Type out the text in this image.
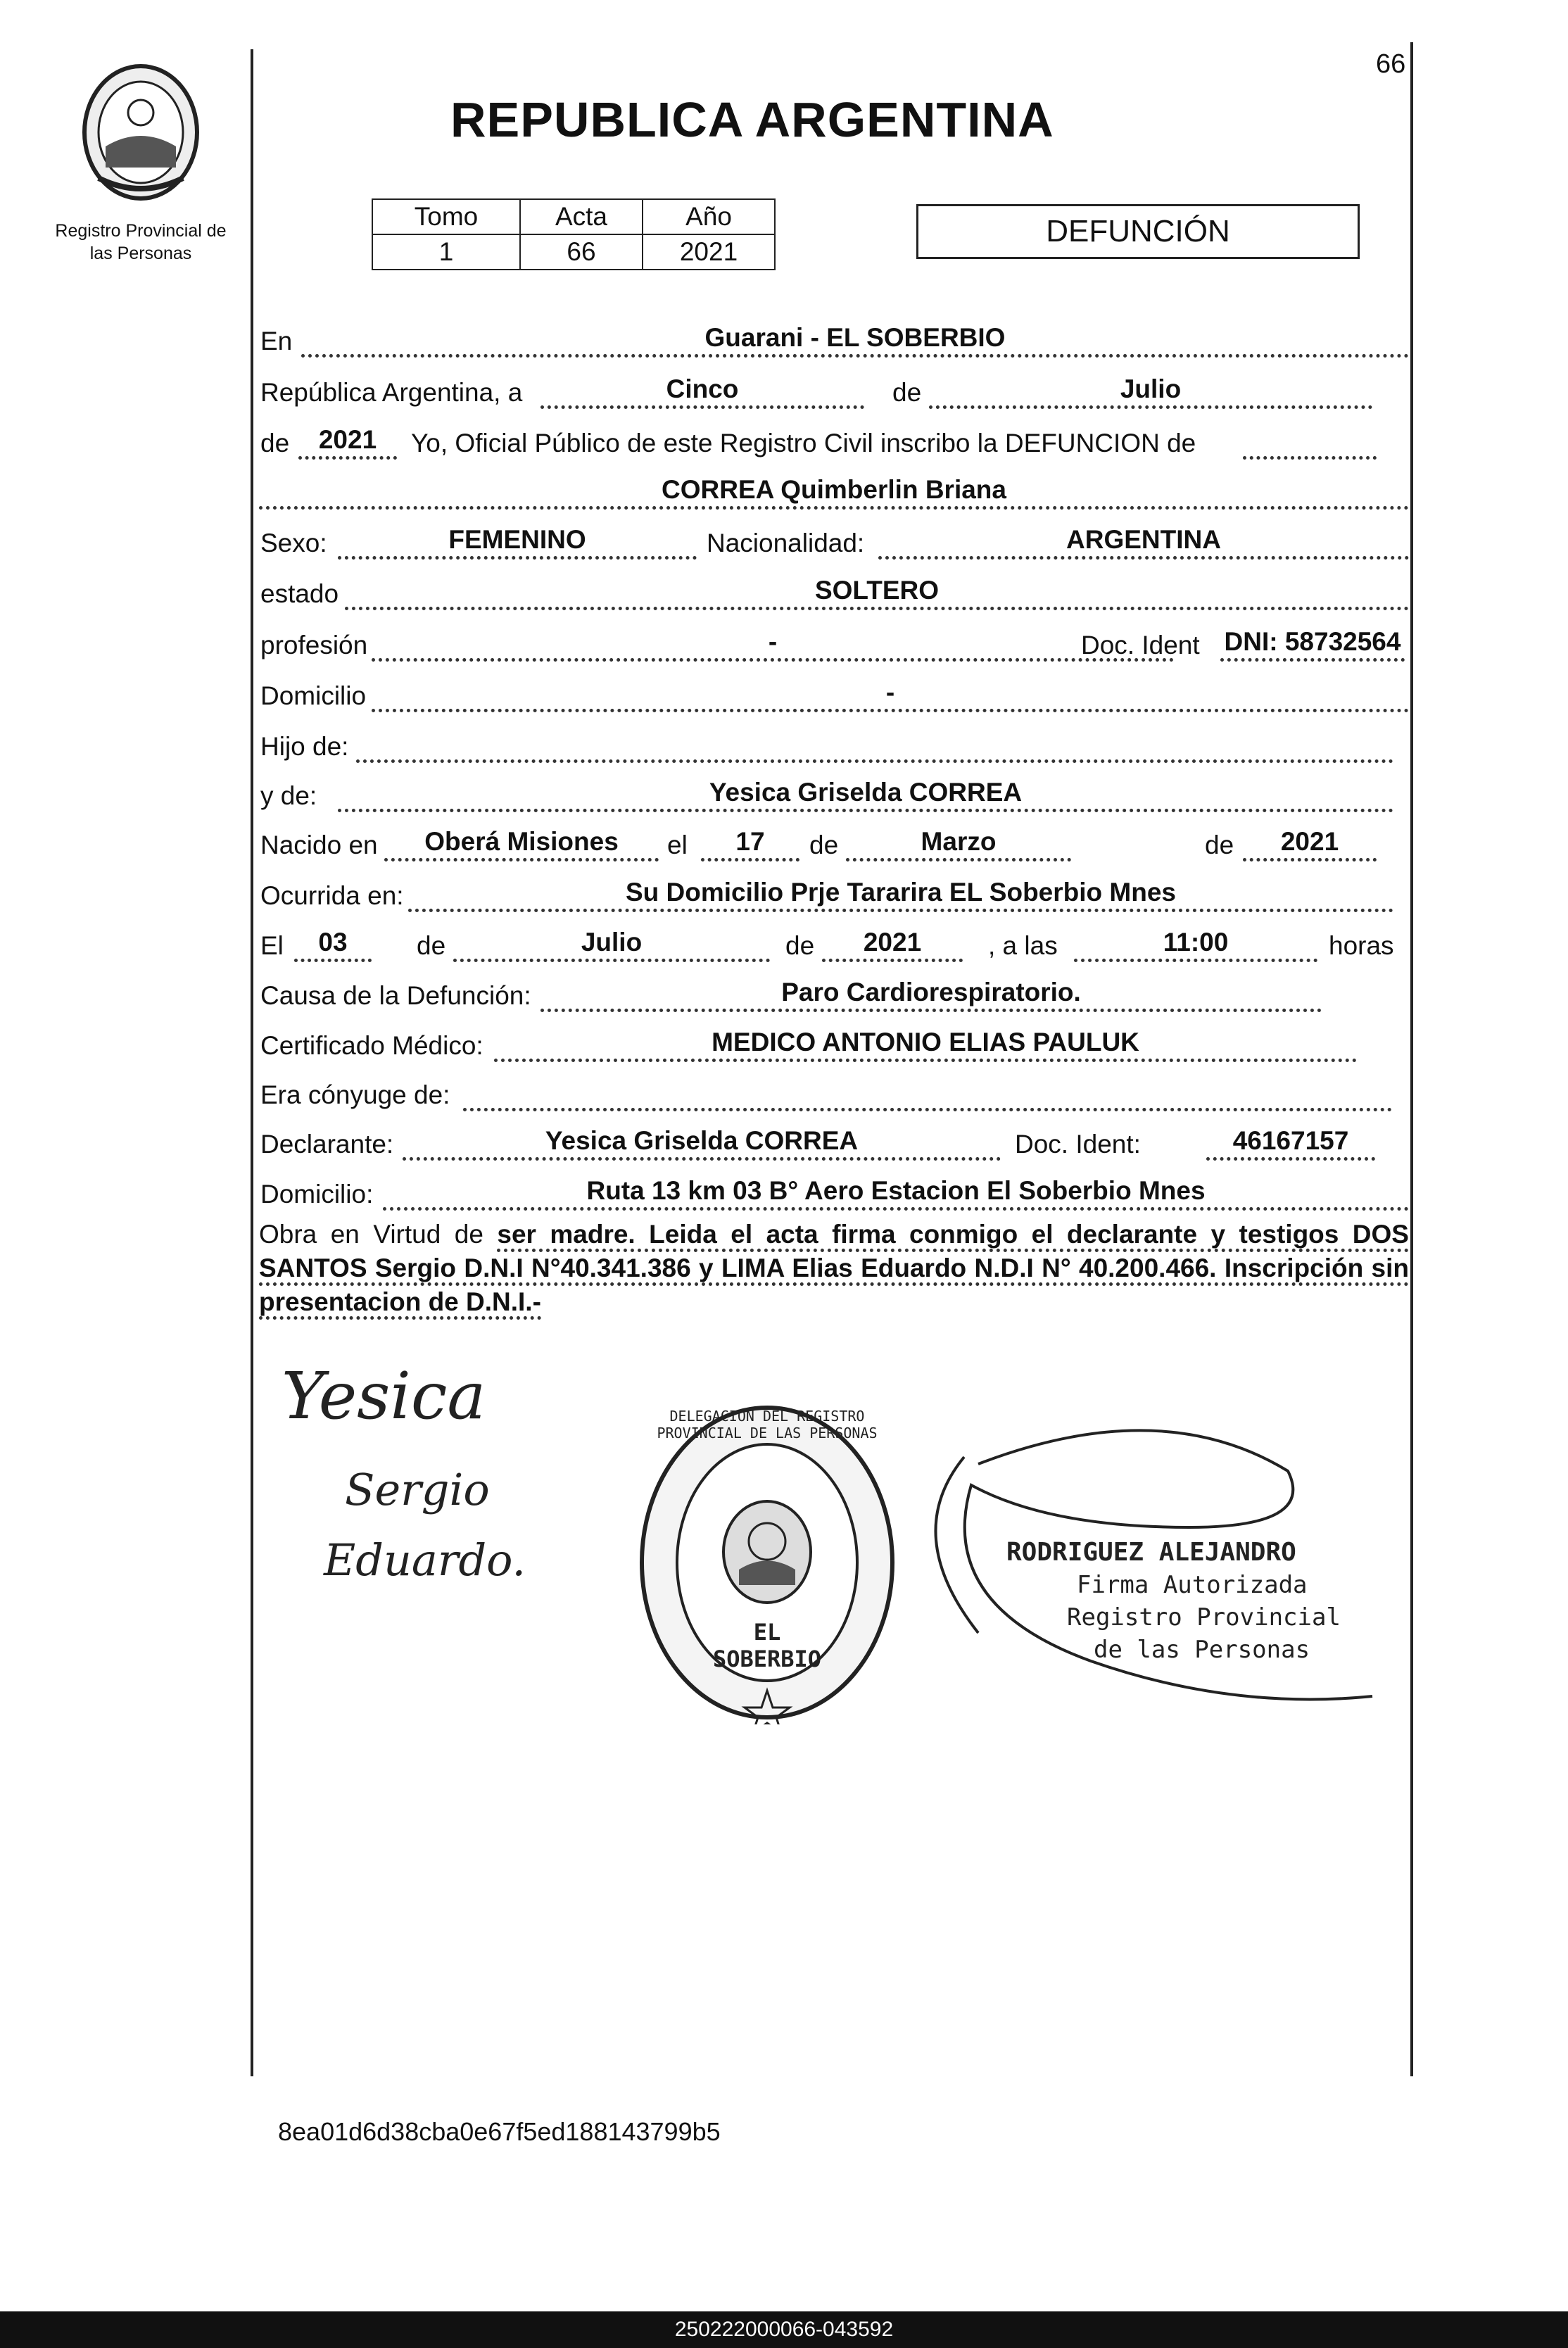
Registro Provincial de
las Personas
66
REPUBLICA ARGENTINA
Tomo	Acta	Año
1	66	2021
DEFUNCIÓN
En	Guarani - EL SOBERBIO
República Argentina, a	Cinco	de	Julio
de	2021	Yo, Oficial Público de este Registro Civil inscribo la DEFUNCION de
CORREA Quimberlin Briana
Sexo:	FEMENINO	Nacionalidad:	ARGENTINA
estado	SOLTERO
profesión	-	Doc. Ident DNI: 58732564
Domicilio	-
Hijo de:
y de:	Yesica Griselda CORREA
Nacido en	Oberá Misiones	el	17	de	Marzo	de	2021
Ocurrida en:	Su Domicilio Prje Tararira EL Soberbio Mnes
El	03	de	Julio	de	2021	, a las	11:00	horas
Causa de la Defunción:	Paro Cardiorespiratorio.
Certificado Médico:	MEDICO ANTONIO ELIAS PAULUK
Era cónyuge de:
Declarante:	Yesica Griselda CORREA	Doc. Ident:	46167157
Domicilio:	Ruta 13 km 03 B° Aero Estacion El Soberbio Mnes
Obra en Virtud de ser madre. Leida el acta firma conmigo el declarante y testigos DOS SANTOS Sergio D.N.I N°40.341.386 y LIMA Elias Eduardo N.D.I N° 40.200.466. Inscripción sin presentacion de D.N.I.-
Yesica
Sergio
Eduardo.
EL SOBERBIO
DELEGACION DEL REGISTRO PROVINCIAL DE LAS PERSONAS
RODRIGUEZ ALEJANDRO
Firma Autorizada
Registro Provincial
de las Personas
8ea01d6d38cba0e67f5ed188143799b5
250222000066-043592
